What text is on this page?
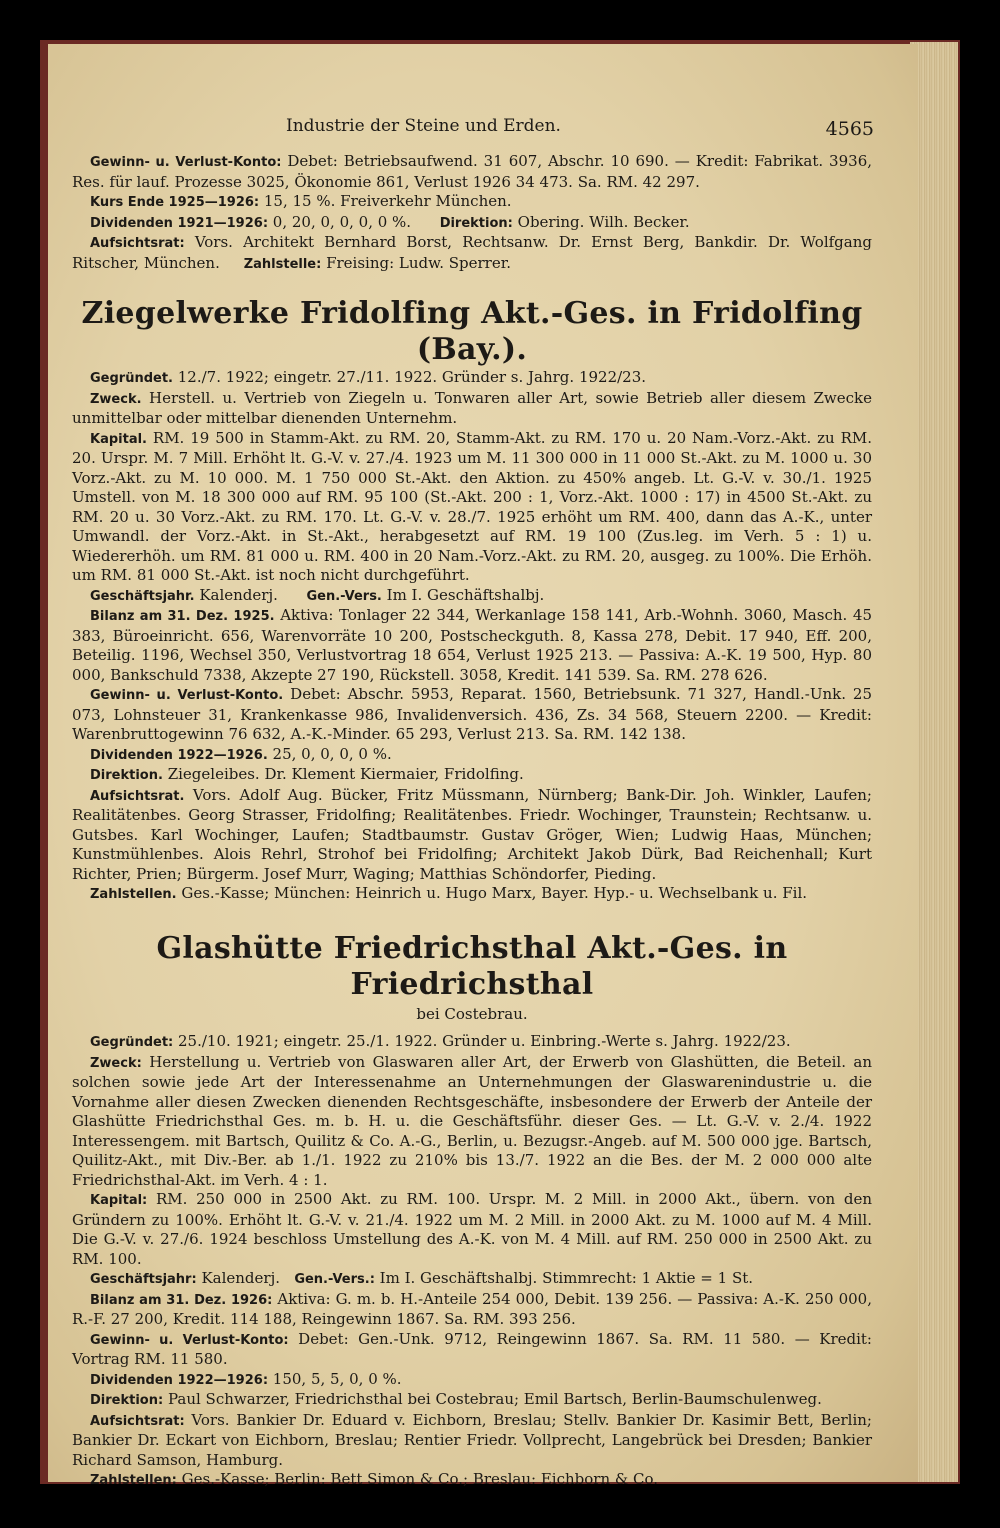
Industrie der Steine und Erden.	4565

Gewinn- u. Verlust-Konto: Debet: Betriebsaufwend. 31 607, Abschr. 10 690. — Kredit: Fabrikat. 3936, Res. für lauf. Prozesse 3025, Ökonomie 861, Verlust 1926 34 473. Sa. RM. 42 297.

Kurs Ende 1925—1926: 15, 15 %. Freiverkehr München.

Dividenden 1921—1926: 0, 20, 0, 0, 0, 0 %. Direktion: Obering. Wilh. Becker.

Aufsichtsrat: Vors. Architekt Bernhard Borst, Rechtsanw. Dr. Ernst Berg, Bankdir. Dr. Wolfgang Ritscher, München. Zahlstelle: Freising: Ludw. Sperrer.

Ziegelwerke Fridolfing Akt.-Ges. in Fridolfing (Bay.).

Gegründet. 12./7. 1922; eingetr. 27./11. 1922. Gründer s. Jahrg. 1922/23.

Zweck. Herstell. u. Vertrieb von Ziegeln u. Tonwaren aller Art, sowie Betrieb aller diesem Zwecke unmittelbar oder mittelbar dienenden Unternehm.

Kapital. RM. 19 500 in Stamm-Akt. zu RM. 20, Stamm-Akt. zu RM. 170 u. 20 Nam.-Vorz.-Akt. zu RM. 20. Urspr. M. 7 Mill. Erhöht lt. G.-V. v. 27./4. 1923 um M. 11 300 000 in 11 000 St.-Akt. zu M. 1000 u. 30 Vorz.-Akt. zu M. 10 000. M. 1 750 000 St.-Akt. den Aktion. zu 450% angeb. Lt. G.-V. v. 30./1. 1925 Umstell. von M. 18 300 000 auf RM. 95 100 (St.-Akt. 200 : 1, Vorz.-Akt. 1000 : 17) in 4500 St.-Akt. zu RM. 20 u. 30 Vorz.-Akt. zu RM. 170. Lt. G.-V. v. 28./7. 1925 erhöht um RM. 400, dann das A.-K., unter Umwandl. der Vorz.-Akt. in St.-Akt., herabgesetzt auf RM. 19 100 (Zus.leg. im Verh. 5 : 1) u. Wiedererhöh. um RM. 81 000 u. RM. 400 in 20 Nam.-Vorz.-Akt. zu RM. 20, ausgeg. zu 100%. Die Erhöh. um RM. 81 000 St.-Akt. ist noch nicht durchgeführt.

Geschäftsjahr. Kalenderj. Gen.-Vers. Im I. Geschäftshalbj.

Bilanz am 31. Dez. 1925. Aktiva: Tonlager 22 344, Werkanlage 158 141, Arb.-Wohnh. 3060, Masch. 45 383, Büroeinricht. 656, Warenvorräte 10 200, Postscheckguth. 8, Kassa 278, Debit. 17 940, Eff. 200, Beteilig. 1196, Wechsel 350, Verlustvortrag 18 654, Verlust 1925 213. — Passiva: A.-K. 19 500, Hyp. 80 000, Bankschuld 7338, Akzepte 27 190, Rückstell. 3058, Kredit. 141 539. Sa. RM. 278 626.

Gewinn- u. Verlust-Konto. Debet: Abschr. 5953, Reparat. 1560, Betriebsunk. 71 327, Handl.-Unk. 25 073, Lohnsteuer 31, Krankenkasse 986, Invalidenversich. 436, Zs. 34 568, Steuern 2200. — Kredit: Warenbruttogewinn 76 632, A.-K.-Minder. 65 293, Verlust 213. Sa. RM. 142 138.

Dividenden 1922—1926. 25, 0, 0, 0, 0 %.

Direktion. Ziegeleibes. Dr. Klement Kiermaier, Fridolfing.

Aufsichtsrat. Vors. Adolf Aug. Bücker, Fritz Müssmann, Nürnberg; Bank-Dir. Joh. Winkler, Laufen; Realitätenbes. Georg Strasser, Fridolfing; Realitätenbes. Friedr. Wochinger, Traunstein; Rechtsanw. u. Gutsbes. Karl Wochinger, Laufen; Stadtbaumstr. Gustav Gröger, Wien; Ludwig Haas, München; Kunstmühlenbes. Alois Rehrl, Strohof bei Fridolfing; Architekt Jakob Dürk, Bad Reichenhall; Kurt Richter, Prien; Bürgerm. Josef Murr, Waging; Matthias Schöndorfer, Pieding.

Zahlstellen. Ges.-Kasse; München: Heinrich u. Hugo Marx, Bayer. Hyp.- u. Wechselbank u. Fil.

Glashütte Friedrichsthal Akt.-Ges. in Friedrichsthal

bei Costebrau.

Gegründet: 25./10. 1921; eingetr. 25./1. 1922. Gründer u. Einbring.-Werte s. Jahrg. 1922/23.

Zweck: Herstellung u. Vertrieb von Glaswaren aller Art, der Erwerb von Glashütten, die Beteil. an solchen sowie jede Art der Interessenahme an Unternehmungen der Glaswarenindustrie u. die Vornahme aller diesen Zwecken dienenden Rechtsgeschäfte, insbesondere der Erwerb der Anteile der Glashütte Friedrichsthal Ges. m. b. H. u. die Geschäftsführ. dieser Ges. — Lt. G.-V. v. 2./4. 1922 Interessengem. mit Bartsch, Quilitz & Co. A.-G., Berlin, u. Bezugsr.-Angeb. auf M. 500 000 jge. Bartsch, Quilitz-Akt., mit Div.-Ber. ab 1./1. 1922 zu 210% bis 13./7. 1922 an die Bes. der M. 2 000 000 alte Friedrichsthal-Akt. im Verh. 4 : 1.

Kapital: RM. 250 000 in 2500 Akt. zu RM. 100. Urspr. M. 2 Mill. in 2000 Akt., übern. von den Gründern zu 100%. Erhöht lt. G.-V. v. 21./4. 1922 um M. 2 Mill. in 2000 Akt. zu M. 1000 auf M. 4 Mill. Die G.-V. v. 27./6. 1924 beschloss Umstellung des A.-K. von M. 4 Mill. auf RM. 250 000 in 2500 Akt. zu RM. 100.

Geschäftsjahr: Kalenderj. Gen.-Vers.: Im I. Geschäftshalbj. Stimmrecht: 1 Aktie = 1 St.

Bilanz am 31. Dez. 1926: Aktiva: G. m. b. H.-Anteile 254 000, Debit. 139 256. — Passiva: A.-K. 250 000, R.-F. 27 200, Kredit. 114 188, Reingewinn 1867. Sa. RM. 393 256.

Gewinn- u. Verlust-Konto: Debet: Gen.-Unk. 9712, Reingewinn 1867. Sa. RM. 11 580. — Kredit: Vortrag RM. 11 580.

Dividenden 1922—1926: 150, 5, 5, 0, 0 %.

Direktion: Paul Schwarzer, Friedrichsthal bei Costebrau; Emil Bartsch, Berlin-Baumschulenweg.

Aufsichtsrat: Vors. Bankier Dr. Eduard v. Eichborn, Breslau; Stellv. Bankier Dr. Kasimir Bett, Berlin; Bankier Dr. Eckart von Eichborn, Breslau; Rentier Friedr. Vollprecht, Langebrück bei Dresden; Bankier Richard Samson, Hamburg.

Zahlstellen: Ges.-Kasse; Berlin: Bett Simon & Co.; Breslau: Eichborn & Co.
